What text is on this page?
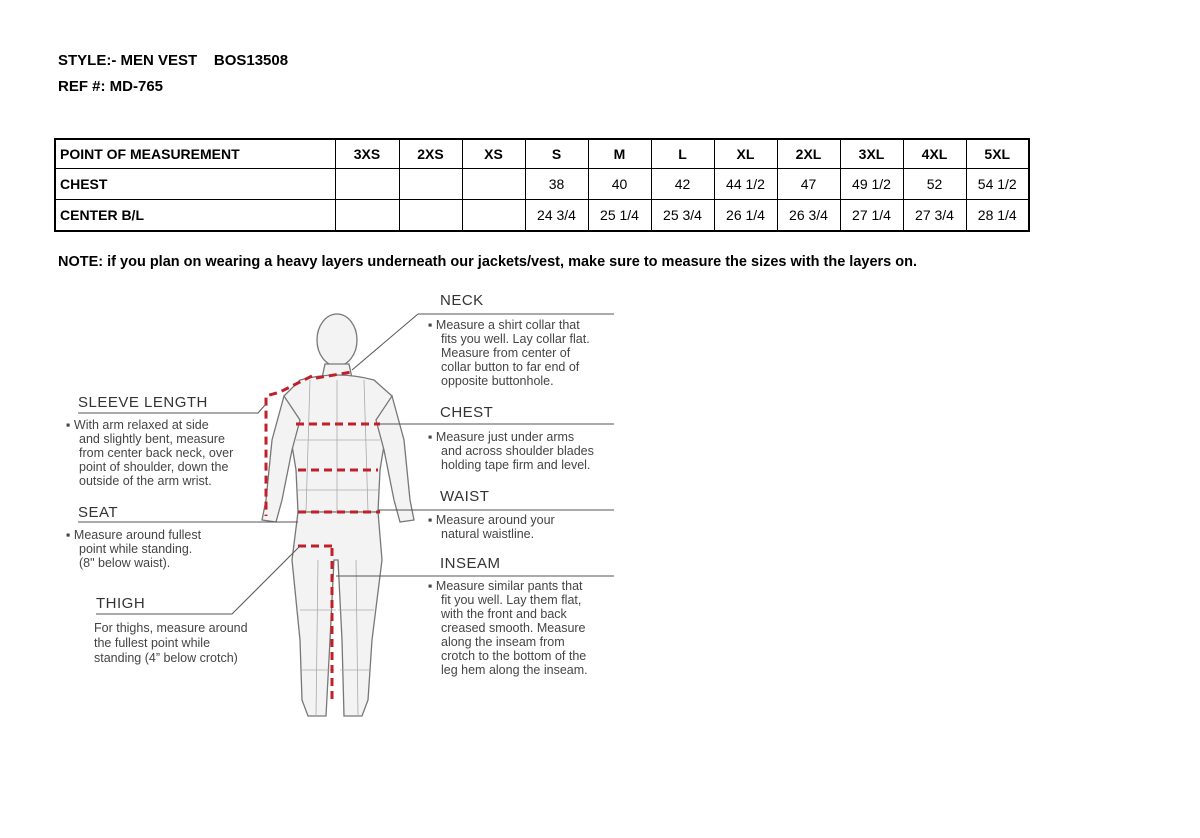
STYLE:- MEN VEST BOS13508
REF #: MD-765
POINT OF MEASUREMENT	3XS	2XS	XS	S	M	L	XL	2XL	3XL	4XL	5XL
CHEST				38	40	42	44 1/2	47	49 1/2	52	54 1/2
CENTER B/L				24 3/4	25 1/4	25 3/4	26 1/4	26 3/4	27 1/4	27 3/4	28 1/4
NOTE: if you plan on wearing a heavy layers underneath our jackets/vest, make sure to measure the sizes with the layers on.
NECK
▪ Measure a shirt collar that
fits you well. Lay collar flat.
Measure from center of
collar button to far end of
opposite buttonhole.
CHEST
▪ Measure just under arms
and across shoulder blades
holding tape firm and level.
WAIST
▪ Measure around your
natural waistline.
INSEAM
▪ Measure similar pants that
fit you well. Lay them flat,
with the front and back
creased smooth. Measure
along the inseam from
crotch to the bottom of the
leg hem along the inseam.
SLEEVE LENGTH
▪ With arm relaxed at side
and slightly bent, measure
from center back neck, over
point of shoulder, down the
outside of the arm wrist.
SEAT
▪ Measure around fullest
point while standing.
(8" below waist).
THIGH
For thighs, measure around
the fullest point while
standing (4” below crotch)
